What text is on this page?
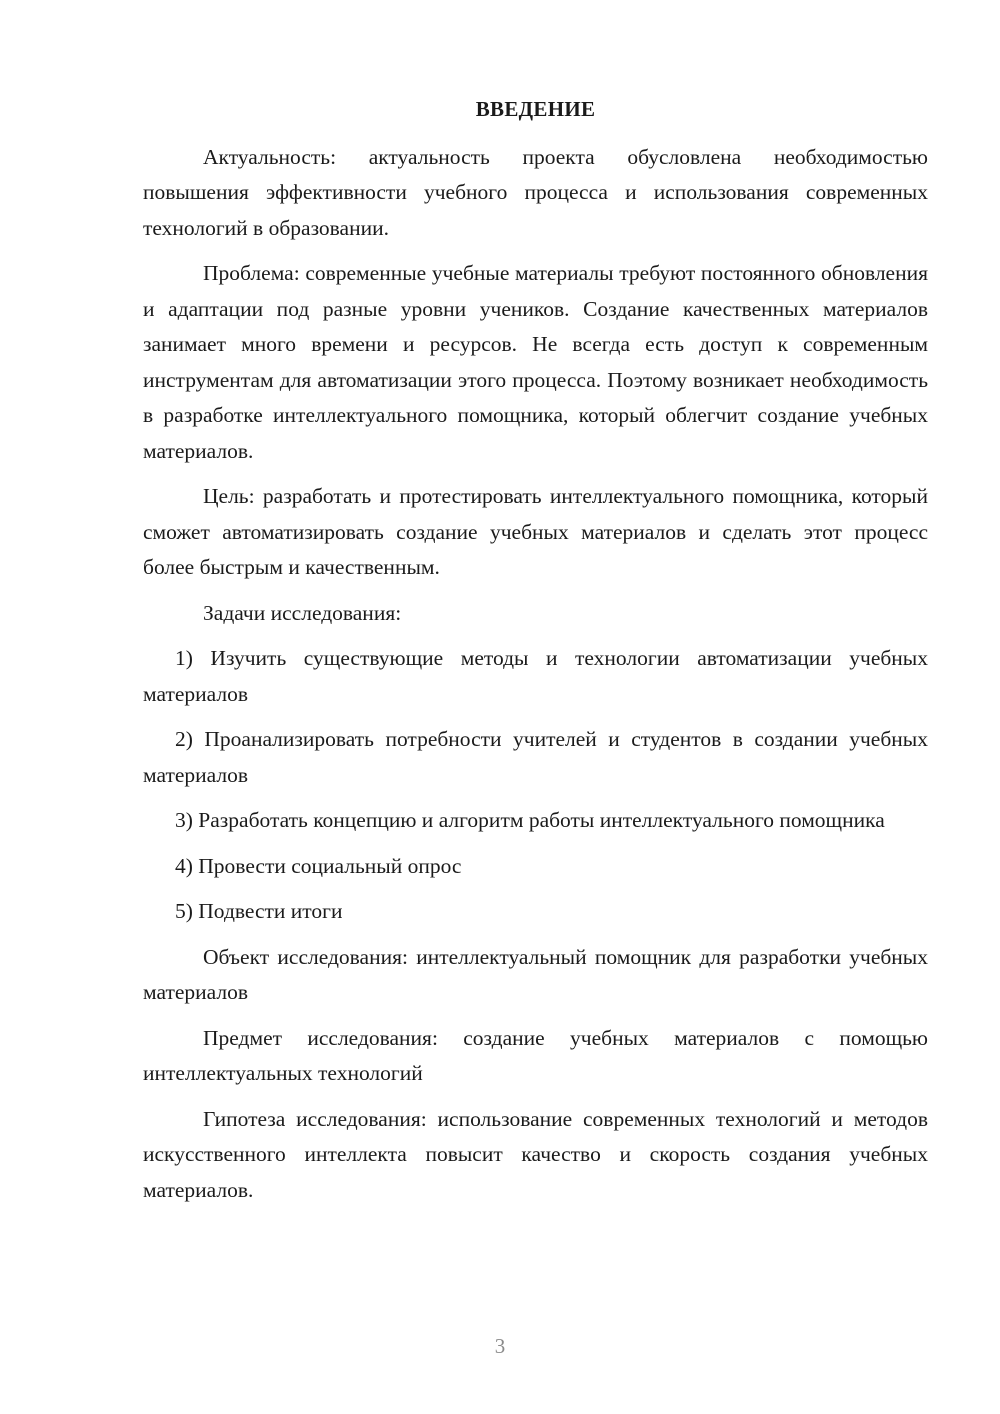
ВВЕДЕНИЕ

Актуальность: актуальность проекта обусловлена необходимостью повышения эффективности учебного процесса и использования современных технологий в образовании.

Проблема: современные учебные материалы требуют постоянного обновления и адаптации под разные уровни учеников. Создание качественных материалов занимает много времени и ресурсов. Не всегда есть доступ к современным инструментам для автоматизации этого процесса. Поэтому возникает необходимость в разработке интеллектуального помощника, который облегчит создание учебных материалов.

Цель: разработать и протестировать интеллектуального помощника, который сможет автоматизировать создание учебных материалов и сделать этот процесс более быстрым и качественным.

Задачи исследования:

1) Изучить существующие методы и технологии автоматизации учебных материалов

2) Проанализировать потребности учителей и студентов в создании учебных материалов

3) Разработать концепцию и алгоритм работы интеллектуального помощника

4) Провести социальный опрос

5) Подвести итоги

Объект исследования: интеллектуальный помощник для разработки учебных материалов

Предмет исследования: создание учебных материалов с помощью интеллектуальных технологий

Гипотеза исследования: использование современных технологий и методов искусственного интеллекта повысит качество и скорость создания учебных материалов.

3
